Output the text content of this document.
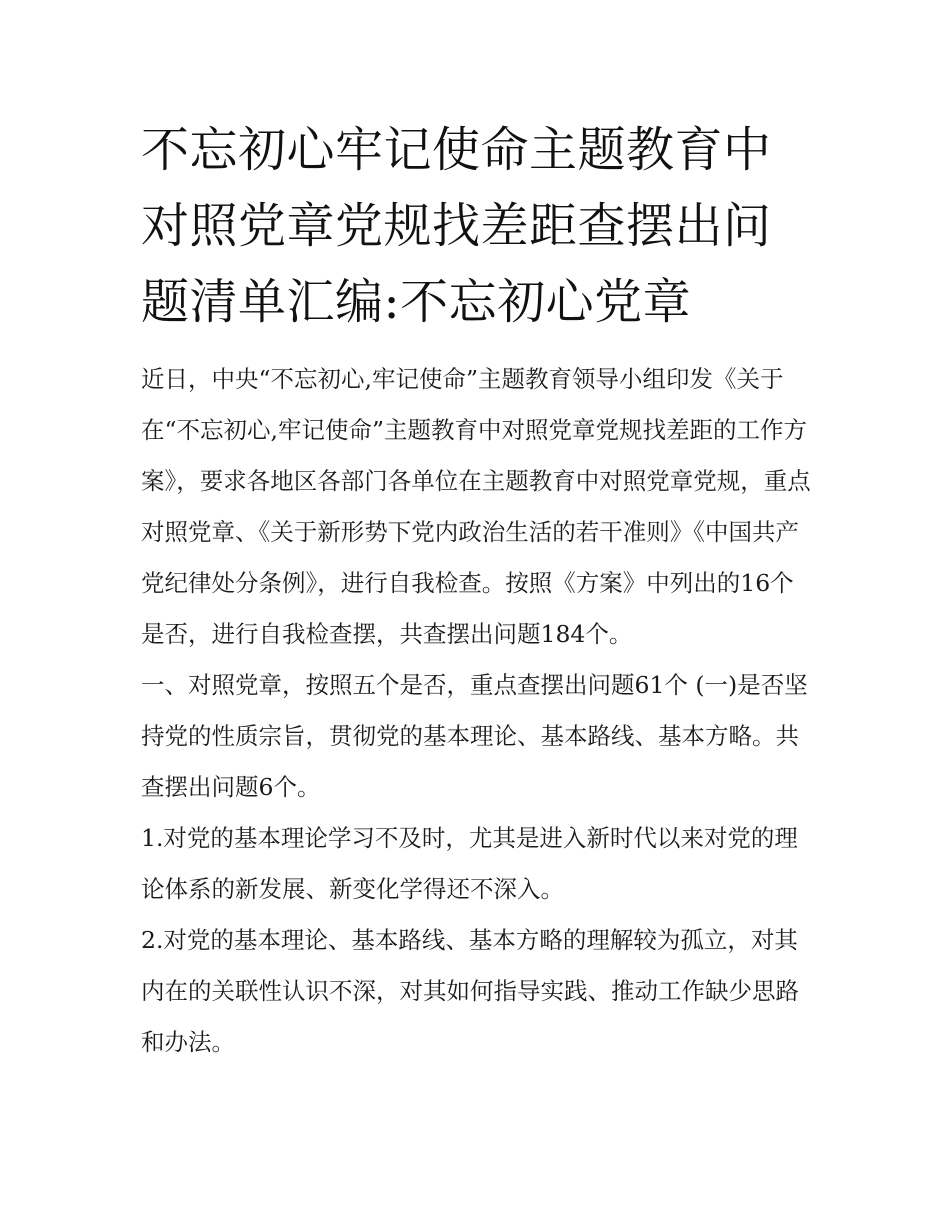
不忘初心牢记使命主题教育中对照党章党规找差距查摆出问题清单汇编:不忘初心党章

近日，中央“不忘初心,牢记使命”主题教育领导小组印发《关于在“不忘初心,牢记使命”主题教育中对照党章党规找差距的工作方案》，要求各地区各部门各单位在主题教育中对照党章党规，重点对照党章、《关于新形势下党内政治生活的若干准则》《中国共产党纪律处分条例》，进行自我检查。按照《方案》中列出的16个是否，进行自我检查摆，共查摆出问题184个。

一、对照党章，按照五个是否，重点查摆出问题61个 (一)是否坚持党的性质宗旨，贯彻党的基本理论、基本路线、基本方略。共查摆出问题6个。

1.对党的基本理论学习不及时，尤其是进入新时代以来对党的理论体系的新发展、新变化学得还不深入。

2.对党的基本理论、基本路线、基本方略的理解较为孤立，对其内在的关联性认识不深，对其如何指导实践、推动工作缺少思路和办法。
